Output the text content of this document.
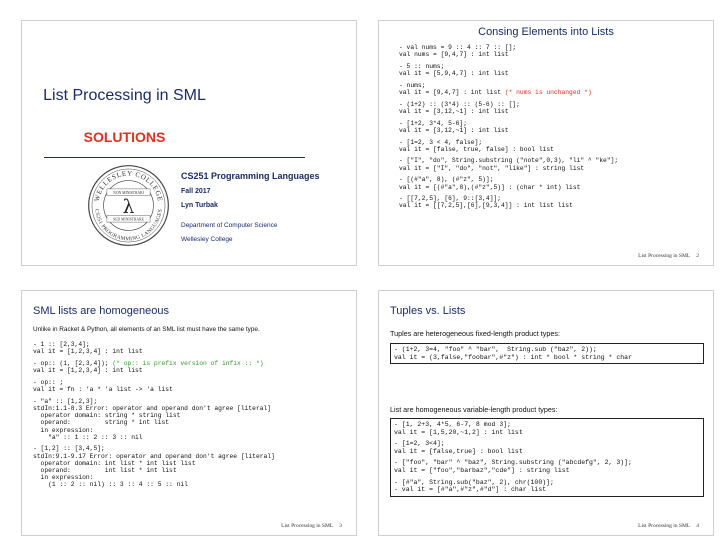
List Processing in SML
SOLUTIONS
WELLESLEY COLLEGE
CS251 PROGRAMMING LANGUAGES
NON MINISTRARI
SED MINISTRARE
λ
CS251 Programming Languages
Fall 2017
Lyn Turbak
Department of Computer Science
Wellesley College
Consing Elements into Lists
- val nums = 9 :: 4 :: 7 :: [];
val nums = [9,4,7] : int list
- 5 :: nums;
val it = [5,9,4,7] : int list
- nums;
val it = [9,4,7] : int list (* nums is unchanged *)
- (1+2) :: (3*4) :: (5-6) :: [];
val it = [3,12,~1] : int list
- [1+2, 3*4, 5-6];
val it = [3,12,~1] : int list
- [1=2, 3 < 4, false];
val it = [false, true, false] : bool list
- ["I", "do", String.substring ("note",0,3), "li" ^ "ke"];
val it = ["I", "do", "not", "like"] : string list
- [(#"a", 8), (#"z", 5)];
val it = [(#"a",8),(#"z",5)] : (char * int) list
- [[7,2,5], [6], 9::[3,4]];
val it = [[7,2,5],[6],[9,3,4]] : int list list
List Processing in SML 2
SML lists are homogeneous
Unlike in Racket & Python, all elements of an SML list must have the same type.
- 1 :: [2,3,4];
val it = [1,2,3,4] : int list
- op:: (1, [2,3,4]); (* op:: is prefix version of infix :: *)
val it = [1,2,3,4] : int list
- op:: ;
val it = fn : 'a * 'a list -> 'a list
- "a" :: [1,2,3];
stdIn:1.1-8.3 Error: operator and operand don't agree [literal]
operator domain: string * string list
operand:         string * int list
in expression:
"a" :: 1 :: 2 :: 3 :: nil
- [1,2] :: [3,4,5];
stdIn:9.1-9.17 Error: operator and operand don't agree [literal]
operator domain: int list * int list list
operand:         int list * int list
in expression:
(1 :: 2 :: nil) :: 3 :: 4 :: 5 :: nil
List Processing in SML 3
Tuples vs. Lists
Tuples are heterogeneous fixed-length product types:
- (1+2, 3=4, "foo" ^ "bar",  String.sub ("baz", 2));
val it = (3,false,"foobar",#"z") : int * bool * string * char
List are homogeneous variable-length product types:
- [1, 2+3, 4*5, 6-7, 8 mod 3];
val it = [1,5,20,~1,2] : int list
- [1=2, 3<4];
val it = [false,true] : bool list
- ["foo", "bar" ^ "baz", String.substring ("abcdefg", 2, 3)];
val it = ["foo","barbaz","cde"] : string list
- [#"a", String.sub("baz", 2), chr(100)];
- val it = [#"a",#"z",#"d"] : char list
List Processing in SML 4
